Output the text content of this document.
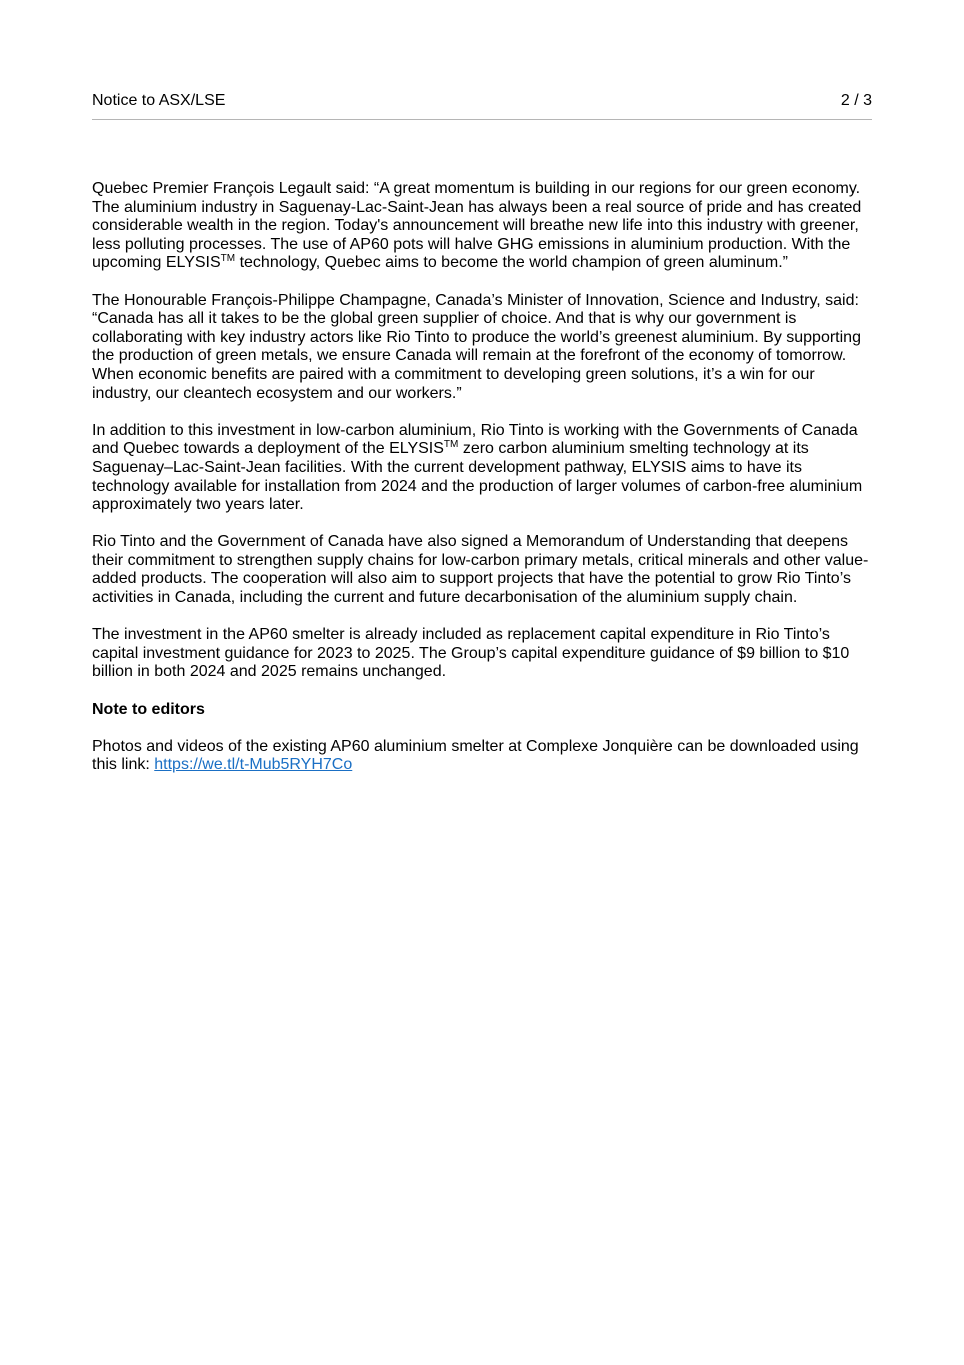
Notice to ASX/LSE	2 / 3

Quebec Premier François Legault said: “A great momentum is building in our regions for our green economy. The aluminium industry in Saguenay-Lac-Saint-Jean has always been a real source of pride and has created considerable wealth in the region. Today's announcement will breathe new life into this industry with greener, less polluting processes. The use of AP60 pots will halve GHG emissions in aluminium production. With the upcoming ELYSIS™ technology, Quebec aims to become the world champion of green aluminum.”

The Honourable François-Philippe Champagne, Canada’s Minister of Innovation, Science and Industry, said: “Canada has all it takes to be the global green supplier of choice. And that is why our government is collaborating with key industry actors like Rio Tinto to produce the world’s greenest aluminium. By supporting the production of green metals, we ensure Canada will remain at the forefront of the economy of tomorrow. When economic benefits are paired with a commitment to developing green solutions, it’s a win for our industry, our cleantech ecosystem and our workers.”

In addition to this investment in low-carbon aluminium, Rio Tinto is working with the Governments of Canada and Quebec towards a deployment of the ELYSIS™ zero carbon aluminium smelting technology at its Saguenay–Lac-Saint-Jean facilities. With the current development pathway, ELYSIS aims to have its technology available for installation from 2024 and the production of larger volumes of carbon-free aluminium approximately two years later.

Rio Tinto and the Government of Canada have also signed a Memorandum of Understanding that deepens their commitment to strengthen supply chains for low-carbon primary metals, critical minerals and other value-added products. The cooperation will also aim to support projects that have the potential to grow Rio Tinto’s activities in Canada, including the current and future decarbonisation of the aluminium supply chain.

The investment in the AP60 smelter is already included as replacement capital expenditure in Rio Tinto’s capital investment guidance for 2023 to 2025. The Group’s capital expenditure guidance of $9 billion to $10 billion in both 2024 and 2025 remains unchanged.

Note to editors

Photos and videos of the existing AP60 aluminium smelter at Complexe Jonquière can be downloaded using this link: https://we.tl/t-Mub5RYH7Co
